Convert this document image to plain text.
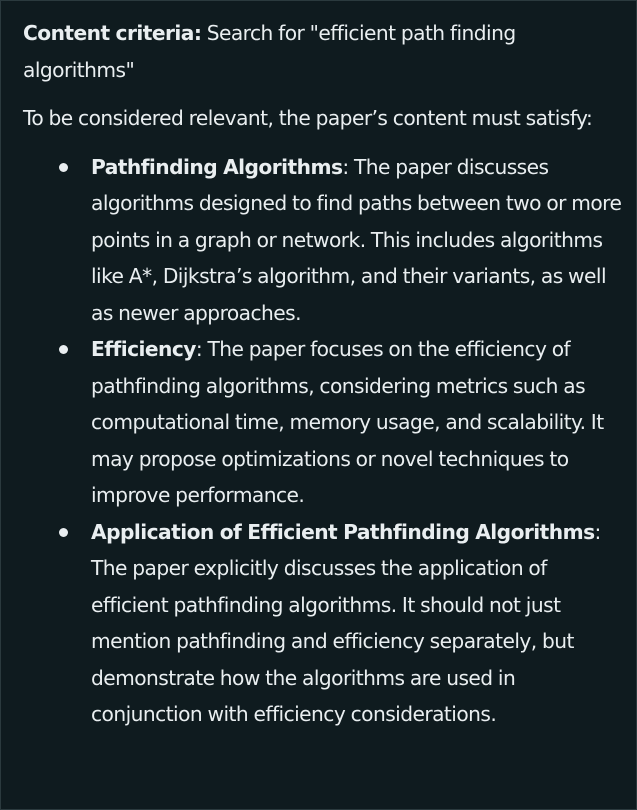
Content criteria: Search for "efficient path finding algorithms"

To be considered relevant, the paper’s content must satisfy:

Pathfinding Algorithms: The paper discusses algorithms designed to find paths between two or more points in a graph or network. This includes algorithms like A*, Dijkstra’s algorithm, and their variants, as well as newer approaches.
Efficiency: The paper focuses on the efficiency of pathfinding algorithms, considering metrics such as computational time, memory usage, and scalability. It may propose optimizations or novel techniques to improve performance.
Application of Efficient Pathfinding Algorithms: The paper explicitly discusses the application of efficient pathfinding algorithms. It should not just mention pathfinding and efficiency separately, but demonstrate how the algorithms are used in conjunction with efficiency considerations.
